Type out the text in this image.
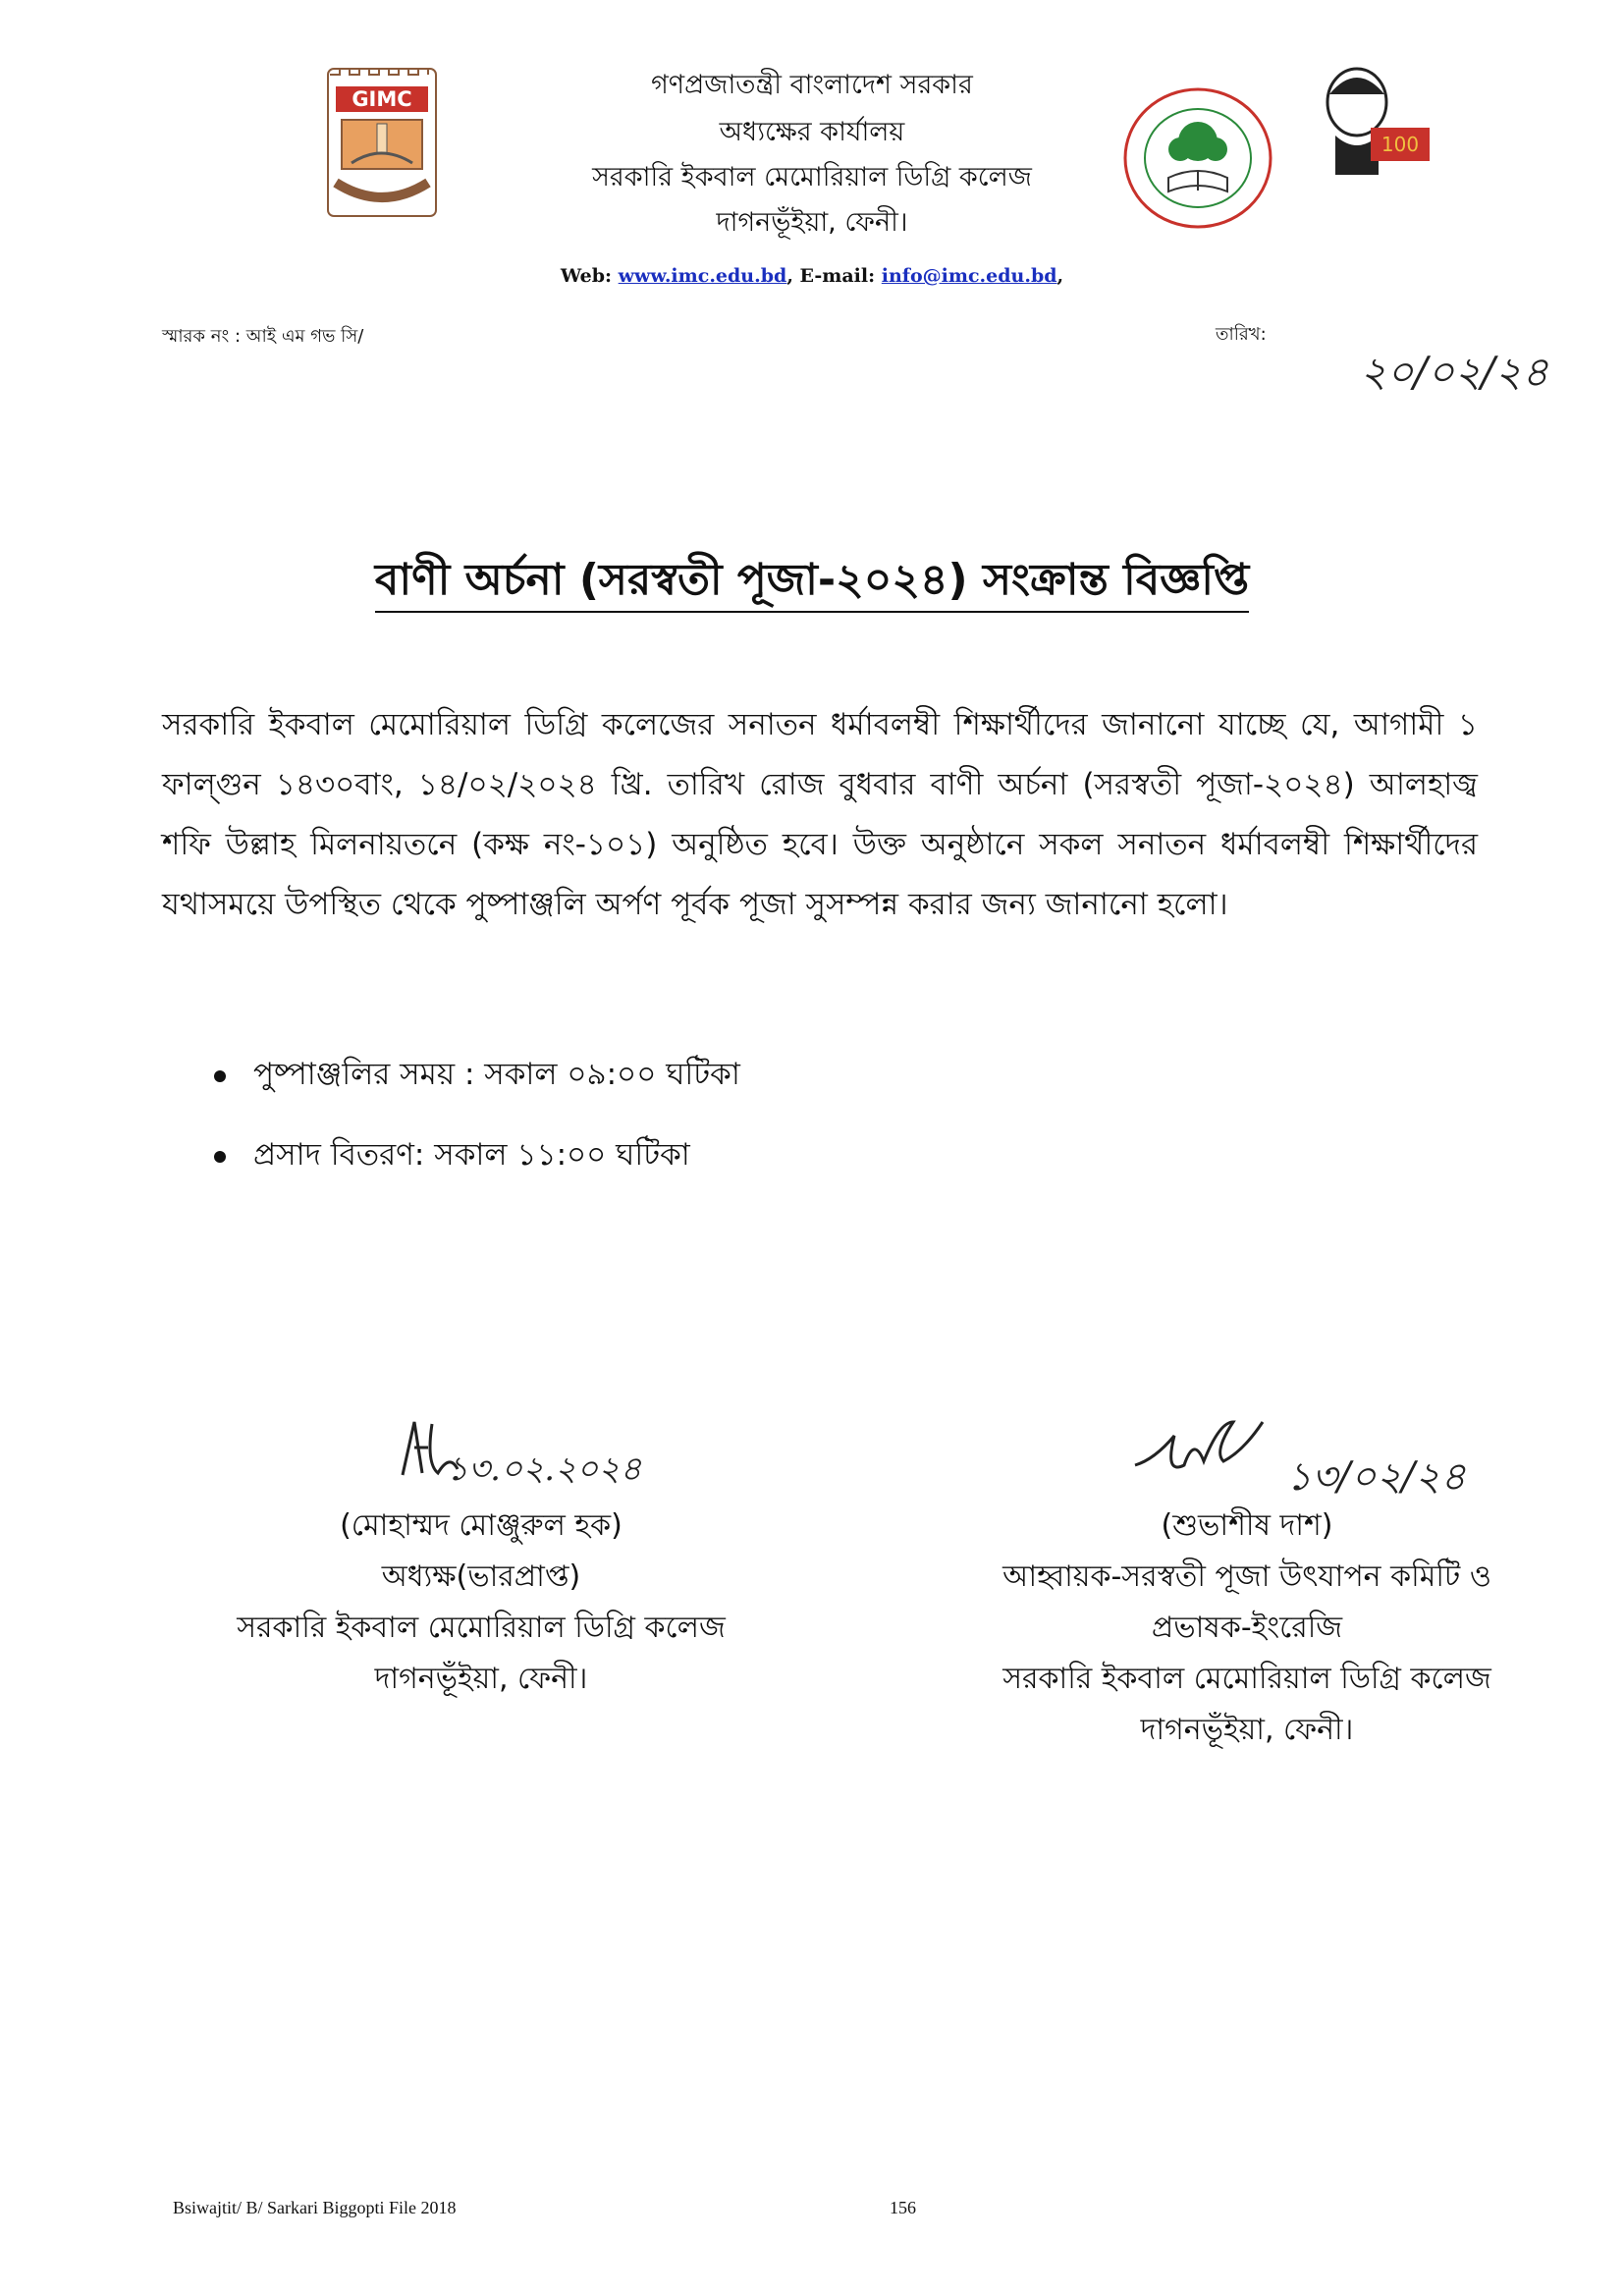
GIMC	গণপ্রজাতন্ত্রী বাংলাদেশ সরকার
অধ্যক্ষের কার্যালয়
সরকারি ইকবাল মেমোরিয়াল ডিগ্রি কলেজ
দাগনভূঁইয়া, ফেনী।
Web: www.imc.edu.bd, E-mail: info@imc.edu.bd,
100
স্মারক নং : আই এম গভ সি/	তারিখ:
২০/০২/২৪
বাণী অর্চনা (সরস্বতী পূজা-২০২৪) সংক্রান্ত বিজ্ঞপ্তি
সরকারি ইকবাল মেমোরিয়াল ডিগ্রি কলেজের সনাতন ধর্মাবলম্বী শিক্ষার্থীদের জানানো যাচ্ছে যে, আগামী ১ ফাল্গুন ১৪৩০বাং, ১৪/০২/২০২৪ খ্রি. তারিখ রোজ বুধবার বাণী অর্চনা (সরস্বতী পূজা-২০২৪) আলহাজ্ব শফি উল্লাহ মিলনায়তনে (কক্ষ নং-১০১) অনুষ্ঠিত হবে। উক্ত অনুষ্ঠানে সকল সনাতন ধর্মাবলম্বী শিক্ষার্থীদের যথাসময়ে উপস্থিত থেকে পুষ্পাঞ্জলি অর্পণ পূর্বক পূজা সুসম্পন্ন করার জন্য জানানো হলো।
পুষ্পাঞ্জলির সময় : সকাল ০৯:০০ ঘটিকা
প্রসাদ বিতরণ: সকাল ১১:০০ ঘটিকা
১৩.০২.২০২৪
(মোহাম্মদ মোঞ্জুরুল হক)
অধ্যক্ষ(ভারপ্রাপ্ত)
সরকারি ইকবাল মেমোরিয়াল ডিগ্রি কলেজ
দাগনভূঁইয়া, ফেনী।
১৩/০২/২৪
(শুভাশীষ দাশ)
আহ্বায়ক-সরস্বতী পূজা উৎযাপন কমিটি ও
প্রভাষক-ইংরেজি
সরকারি ইকবাল মেমোরিয়াল ডিগ্রি কলেজ
দাগনভূঁইয়া, ফেনী।
Bsiwajtit/ B/ Sarkari Biggopti File 2018	156
